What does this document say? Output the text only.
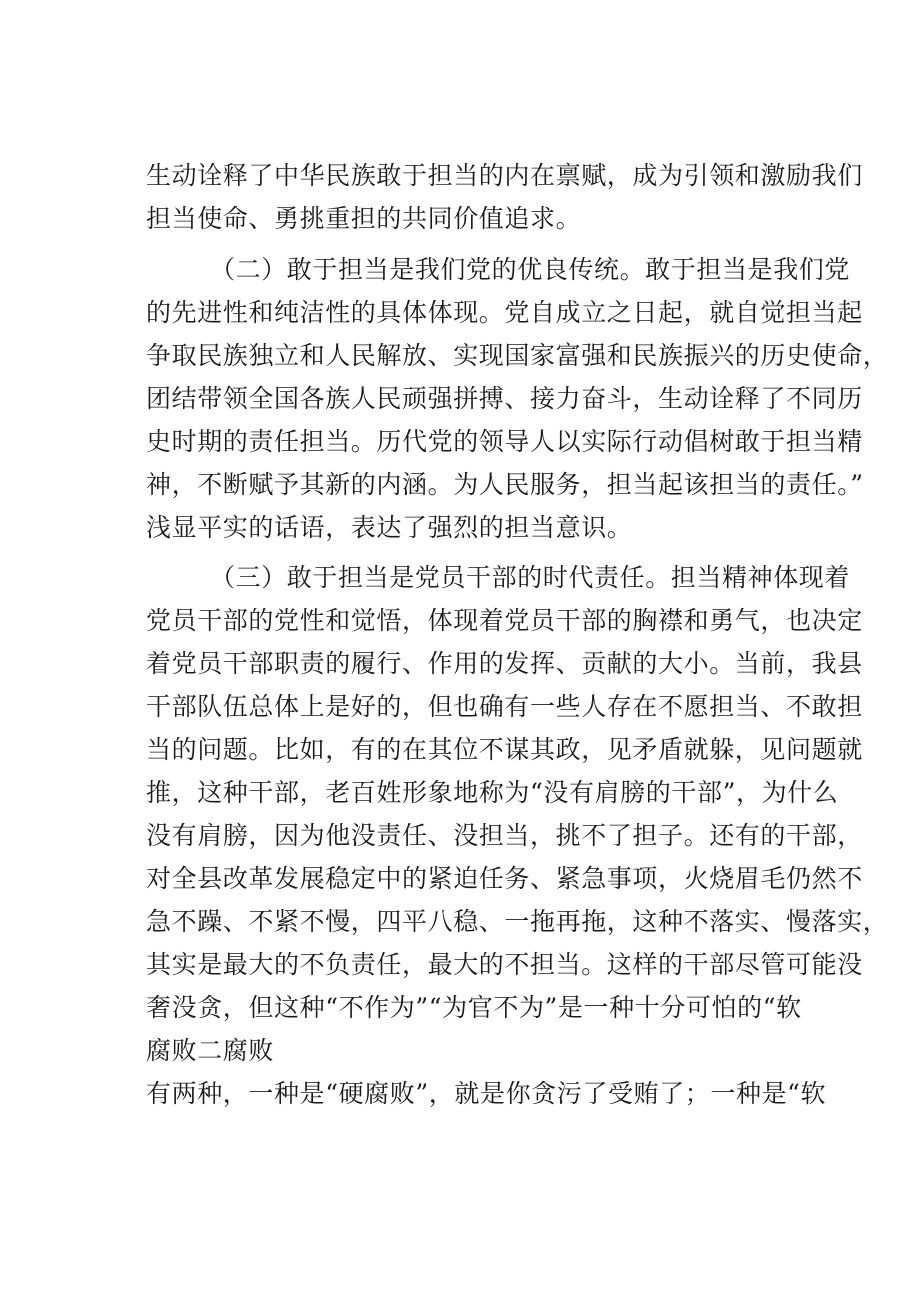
生动诠释了中华民族敢于担当的内在禀赋，成为引领和激励我们

担当使命、勇挑重担的共同价值追求。

（二）敢于担当是我们党的优良传统。敢于担当是我们党

的先进性和纯洁性的具体体现。党自成立之日起，就自觉担当起

争取民族独立和人民解放、实现国家富强和民族振兴的历史使命，

团结带领全国各族人民顽强拼搏、接力奋斗，生动诠释了不同历

史时期的责任担当。历代党的领导人以实际行动倡树敢于担当精

神，不断赋予其新的内涵。为人民服务，担当起该担当的责任。”

浅显平实的话语，表达了强烈的担当意识。

（三）敢于担当是党员干部的时代责任。担当精神体现着

党员干部的党性和觉悟，体现着党员干部的胸襟和勇气，也决定

着党员干部职责的履行、作用的发挥、贡献的大小。当前，我县

干部队伍总体上是好的，但也确有一些人存在不愿担当、不敢担

当的问题。比如，有的在其位不谋其政，见矛盾就躲，见问题就

推，这种干部，老百姓形象地称为“没有肩膀的干部”，为什么

没有肩膀，因为他没责任、没担当，挑不了担子。还有的干部，

对全县改革发展稳定中的紧迫任务、紧急事项，火烧眉毛仍然不

急不躁、不紧不慢，四平八稳、一拖再拖，这种不落实、慢落实，

其实是最大的不负责任，最大的不担当。这样的干部尽管可能没

奢没贪，但这种“不作为”“为官不为”是一种十分可怕的“软

腐败二腐败

有两种，一种是“硬腐败”，就是你贪污了受贿了；一种是“软
